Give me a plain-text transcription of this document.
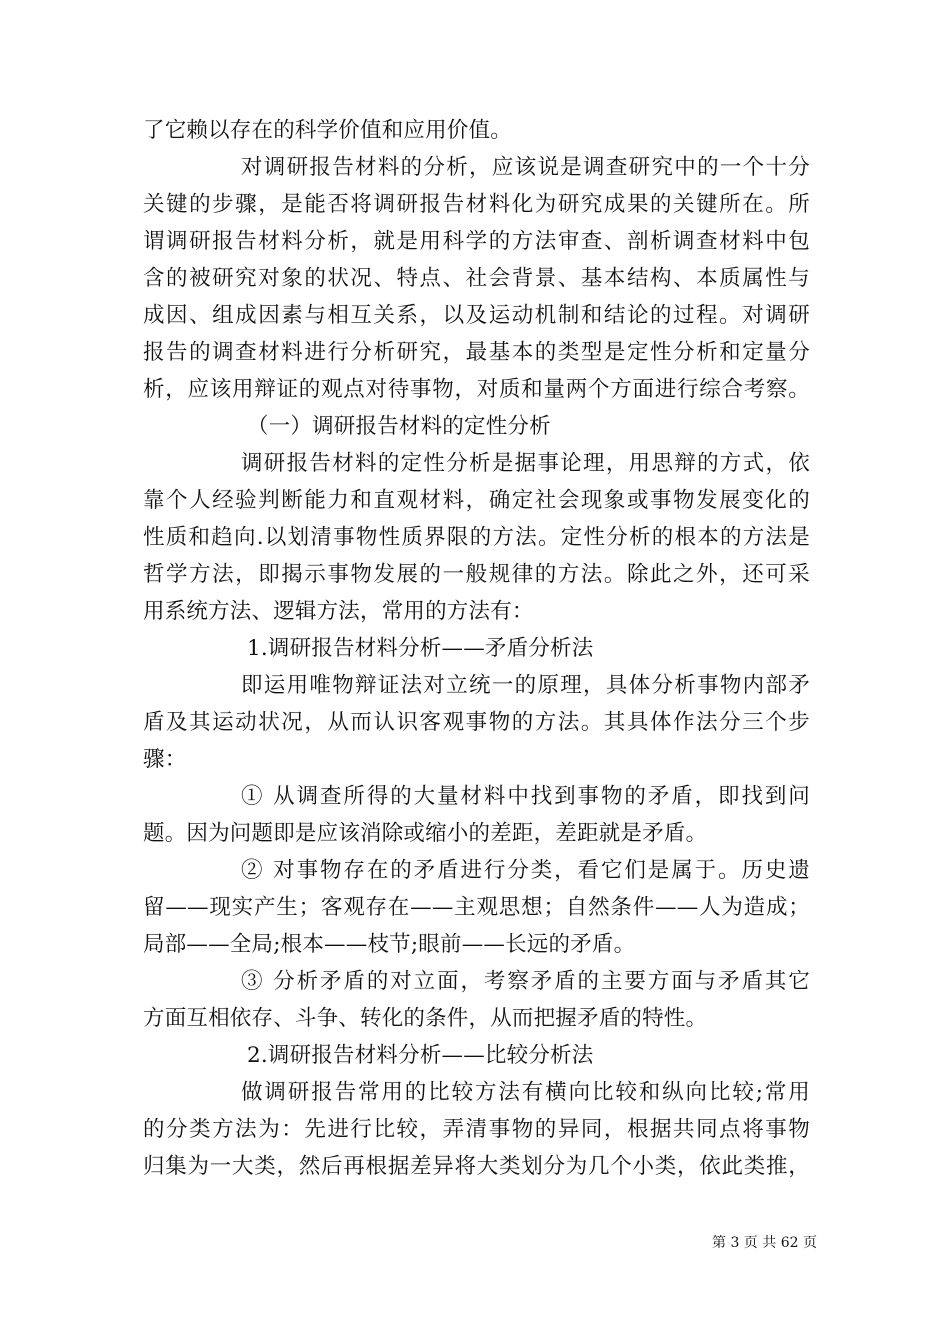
了它赖以存在的科学价值和应用价值。
对调研报告材料的分析，应该说是调查研究中的一个十分
关键的步骤，是能否将调研报告材料化为研究成果的关键所在。所
谓调研报告材料分析，就是用科学的方法审查、剖析调查材料中包
含的被研究对象的状况、特点、社会背景、基本结构、本质属性与
成因、组成因素与相互关系，以及运动机制和结论的过程。对调研
报告的调查材料进行分析研究，最基本的类型是定性分析和定量分
析，应该用辩证的观点对待事物，对质和量两个方面进行综合考察。
（一）调研报告材料的定性分析
调研报告材料的定性分析是据事论理，用思辩的方式，依
靠个人经验判断能力和直观材料，确定社会现象或事物发展变化的
性质和趋向.以划清事物性质界限的方法。定性分析的根本的方法是
哲学方法，即揭示事物发展的一般规律的方法。除此之外，还可采
用系统方法、逻辑方法，常用的方法有：
1.调研报告材料分析——矛盾分析法
即运用唯物辩证法对立统一的原理，具体分析事物内部矛
盾及其运动状况，从而认识客观事物的方法。其具体作法分三个步
骤：
① 从调查所得的大量材料中找到事物的矛盾，即找到问
题。因为问题即是应该消除或缩小的差距，差距就是矛盾。
② 对事物存在的矛盾进行分类，看它们是属于。历史遗
留——现实产生；客观存在——主观思想；自然条件——人为造成；
局部——全局;根本——枝节;眼前——长远的矛盾。
③ 分析矛盾的对立面，考察矛盾的主要方面与矛盾其它
方面互相依存、斗争、转化的条件，从而把握矛盾的特性。
2.调研报告材料分析——比较分析法
做调研报告常用的比较方法有横向比较和纵向比较;常用
的分类方法为：先进行比较，弄清事物的异同，根据共同点将事物
归集为一大类，然后再根据差异将大类划分为几个小类，依此类推，
第 3 页 共 62 页
